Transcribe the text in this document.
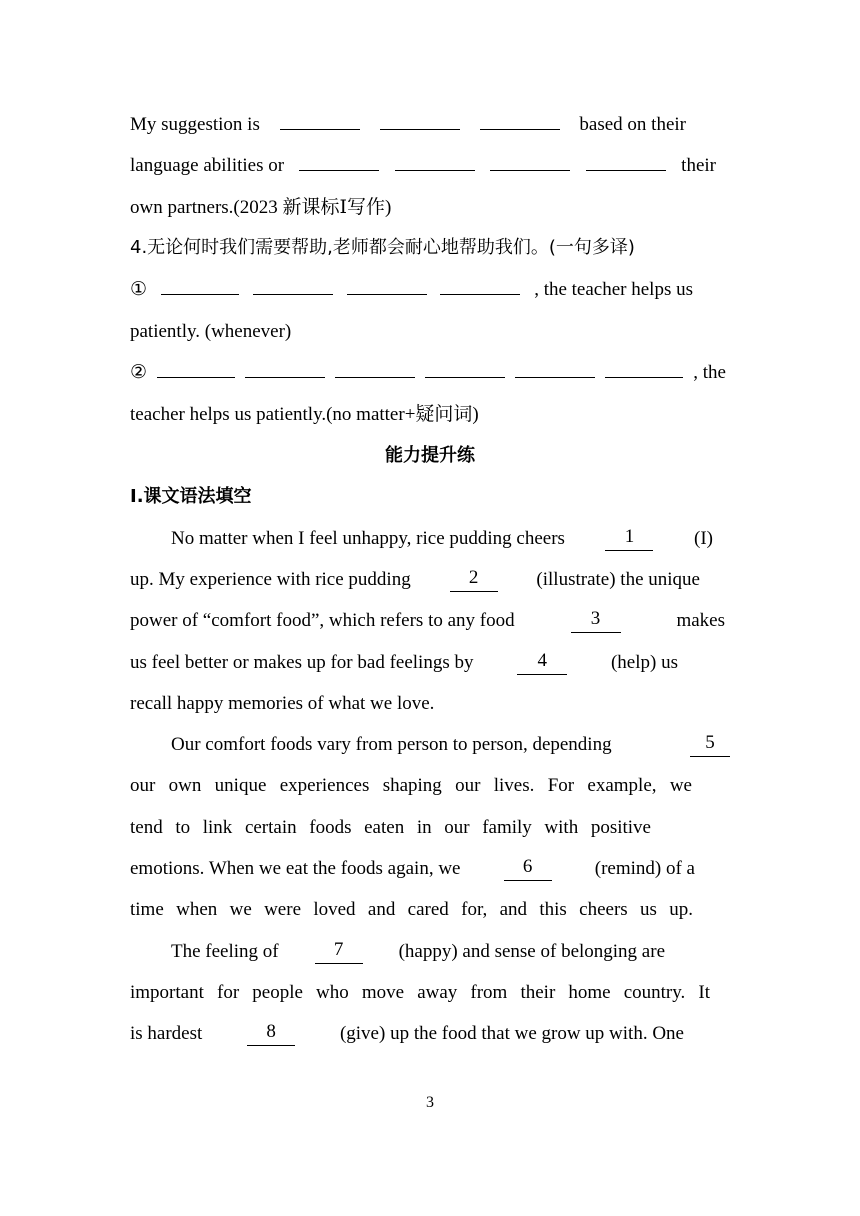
My suggestion is	based on their
language abilities or	their
own partners.(2023 新课标Ⅰ写作)
4.无论何时我们需要帮助,老师都会耐心地帮助我们。(一句多译)
①	, the teacher helps us
patiently. (whenever)
②	, the
teacher helps us patiently.(no matter+疑问词)
能力提升练
Ⅰ.课文语法填空
No matter when I feel unhappy, rice pudding cheers	1	(I)
up. My experience with rice pudding	2	(illustrate) the unique
power of “comfort food”, which refers to any food	3	makes
us feel better or makes up for bad feelings by	4	(help) us
recall happy memories of what we love.
Our comfort foods vary from person to person, depending	5
our own unique experiences shaping our lives. For example, we
tend to link certain foods eaten in our family with positive
emotions. When we eat the foods again, we	6	(remind) of a
time when we were loved and cared for, and this cheers us up.
The feeling of	7	(happy) and sense of belonging are
important for people who move away from their home country. It
is hardest	8	(give) up the food that we grow up with. One
3
